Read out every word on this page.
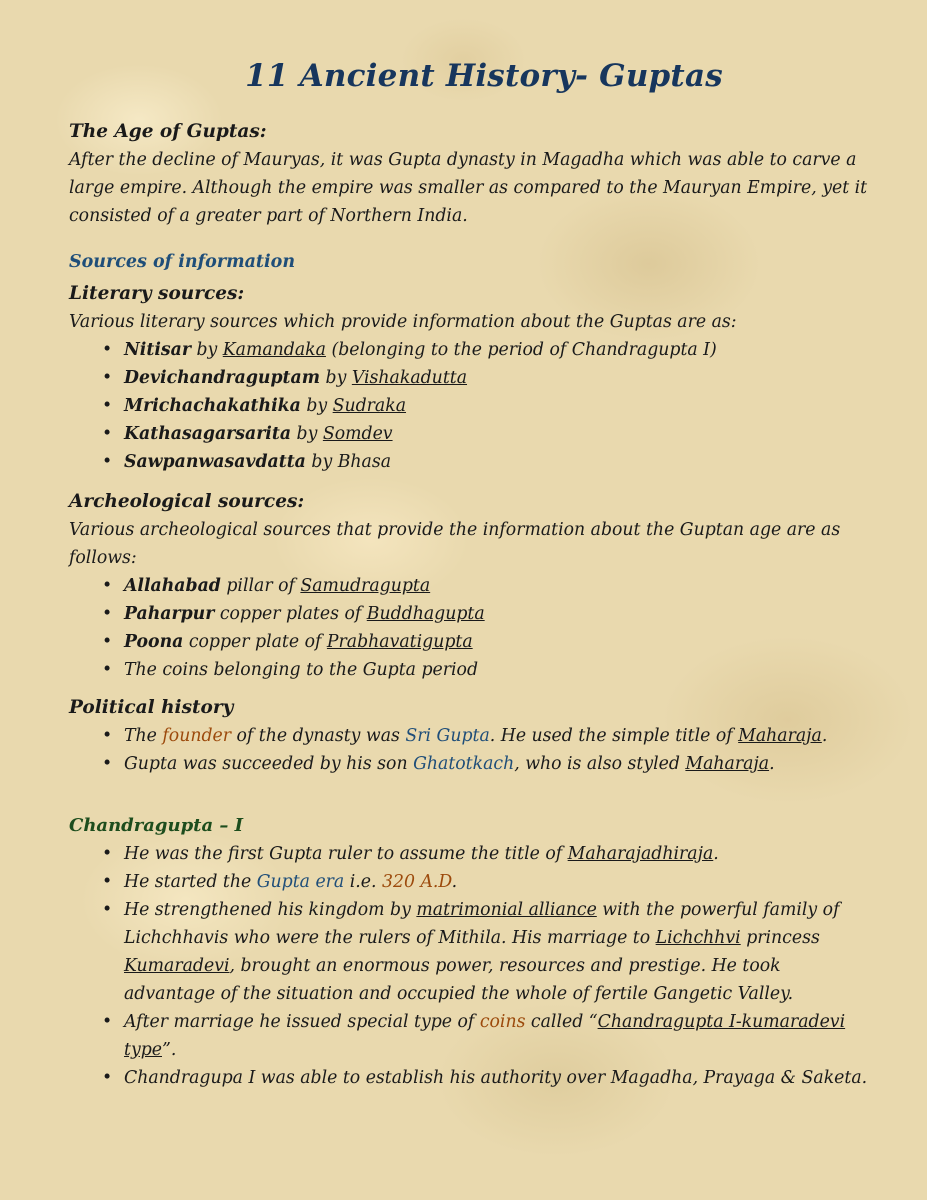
11 Ancient History- Guptas

The Age of Guptas:

After the decline of Mauryas, it was Gupta dynasty in Magadha which was able to carve a large empire. Although the empire was smaller as compared to the Mauryan Empire, yet it consisted of a greater part of Northern India.

Sources of information

Literary sources:

Various literary sources which provide information about the Guptas are as:

• Nitisar by Kamandaka (belonging to the period of Chandragupta I)
• Devichandraguptam by Vishakadutta
• Mrichachakathika by Sudraka
• Kathasagarsarita by Somdev
• Sawpanwasavdatta by Bhasa

Archeological sources:

Various archeological sources that provide the information about the Guptan age are as follows:

• Allahabad pillar of Samudragupta
• Paharpur copper plates of Buddhagupta
• Poona copper plate of Prabhavatigupta
• The coins belonging to the Gupta period

Political history

• The founder of the dynasty was Sri Gupta. He used the simple title of Maharaja.
• Gupta was succeeded by his son Ghatotkach, who is also styled Maharaja.

Chandragupta – I

• He was the first Gupta ruler to assume the title of Maharajadhiraja.
• He started the Gupta era i.e. 320 A.D.
• He strengthened his kingdom by matrimonial alliance with the powerful family of Lichchhavis who were the rulers of Mithila. His marriage to Lichchhvi princess Kumaradevi, brought an enormous power, resources and prestige. He took advantage of the situation and occupied the whole of fertile Gangetic Valley.
• After marriage he issued special type of coins called “Chandragupta I-kumaradevi type”.
• Chandragupa I was able to establish his authority over Magadha, Prayaga & Saketa.
